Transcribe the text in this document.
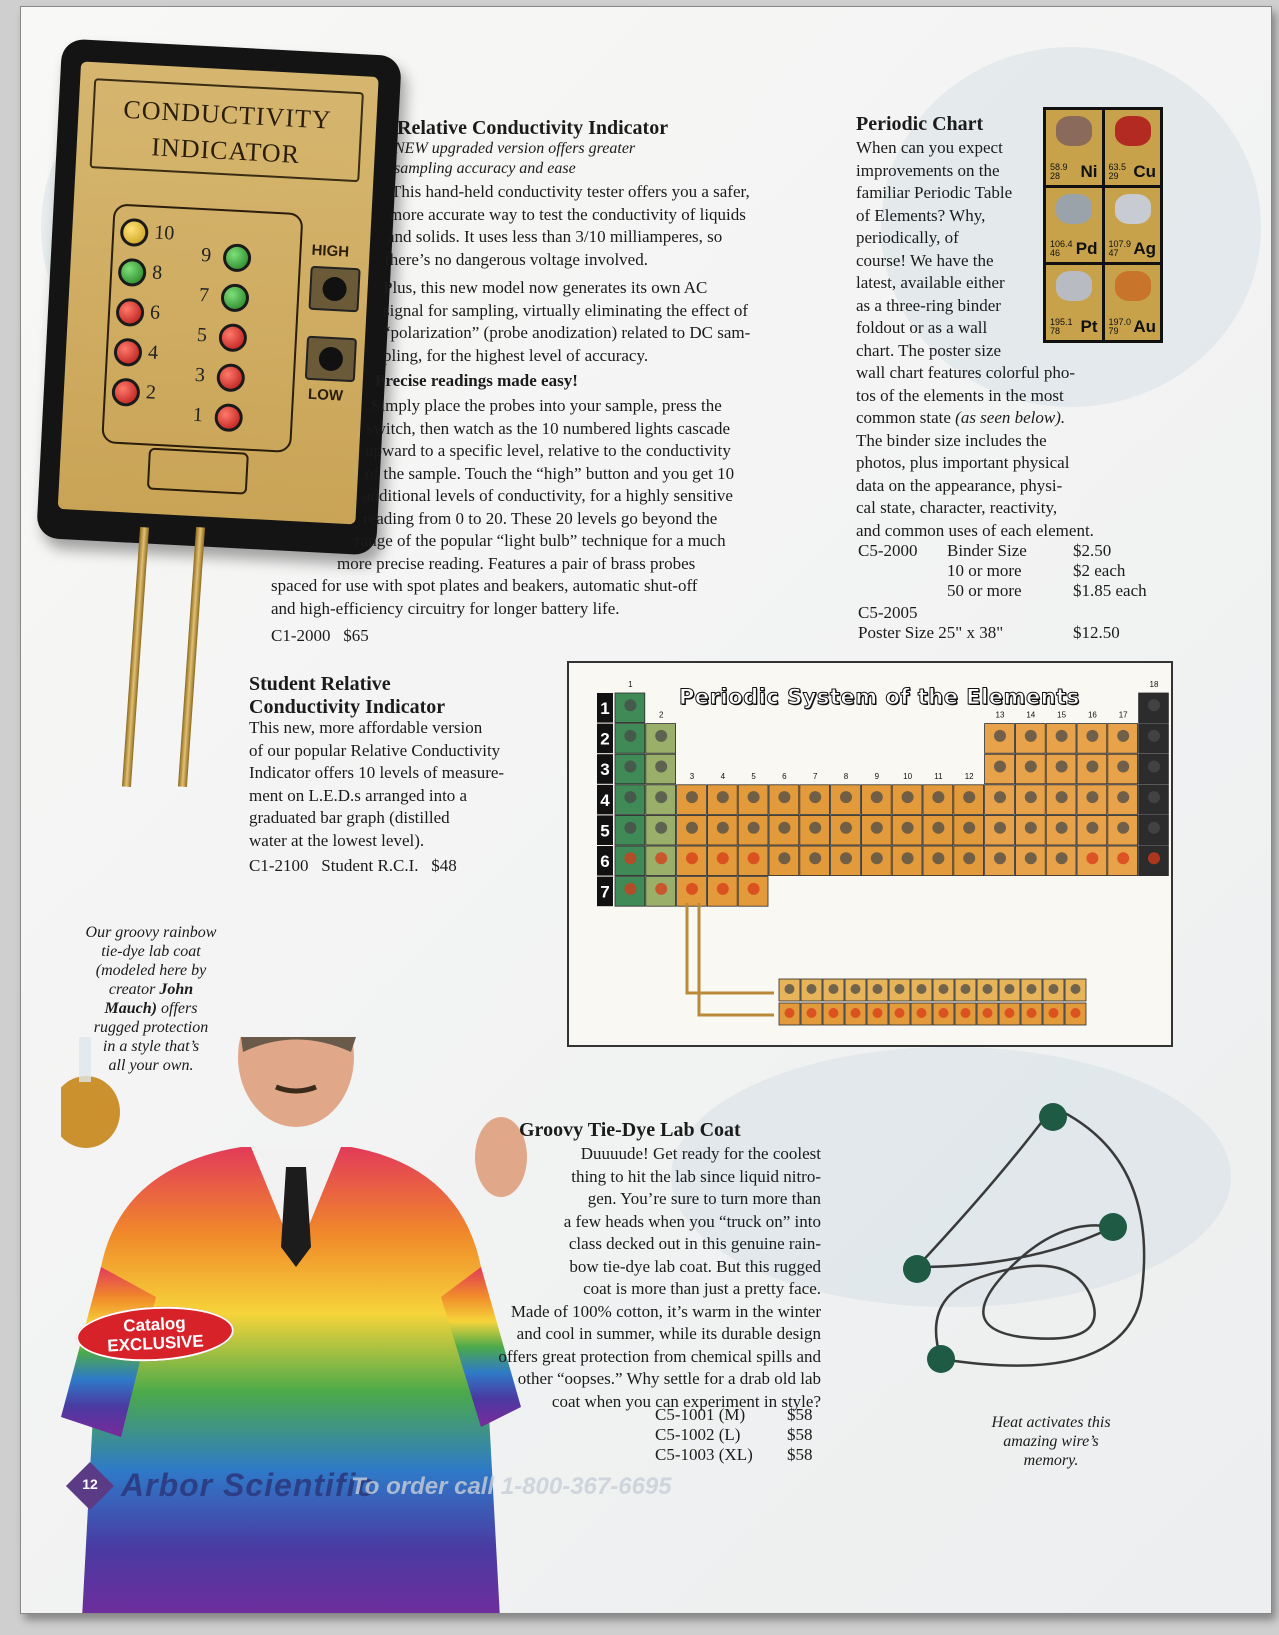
CONDUCTIVITY
INDICATOR
10
8
6
4
2
9
7
5
3
1
HIGH
LOW
Relative Conductivity Indicator
NEW upgraded version offers greater
sampling accuracy and ease
This hand-held conductivity tester offers you a safer,
more accurate way to test the conductivity of liquids
and solids. It uses less than 3/10 milliamperes, so
there’s no dangerous voltage involved.
Plus, this new model now generates its own AC
signal for sampling, virtually eliminating the effect of
“polarization” (probe anodization) related to DC sam-
pling, for the highest level of accuracy.
Precise readings made easy!
Simply place the probes into your sample, press the
switch, then watch as the 10 numbered lights cascade
upward to a specific level, relative to the conductivity
of the sample. Touch the “high” button and you get 10
additional levels of conductivity, for a highly sensitive
reading from 0 to 20. These 20 levels go beyond the
range of the popular “light bulb” technique for a much
more precise reading. Features a pair of brass probes
spaced for use with spot plates and beakers, automatic shut-off
and high-efficiency circuitry for longer battery life.
C1-2000   $65
Student Relative
Conductivity Indicator
This new, more affordable version
of our popular Relative Conductivity
Indicator offers 10 levels of measure-
ment on L.E.D.s arranged into a
graduated bar graph (distilled
water at the lowest level).
C1-2100   Student R.C.I.   $48
Periodic Chart
When can you expect
improvements on the
familiar Periodic Table
of Elements? Why,
periodically, of
course! We have the
latest, available either
as a three-ring binder
foldout or as a wall
chart. The poster size
wall chart features colorful pho-
tos of the elements in the most
common state (as seen below).
The binder size includes the
photos, plus important physical
data on the appearance, physi-
cal state, character, reactivity,
and common uses of each element.
58.9
28	Ni 63.5
29 Cu
106.4
46 Pd 107.9
47 Ag
195.1
78	Pt 197.0
79 Au
C5-2000 Binder Size	$2.50
10 or more	$2 each
50 or more	$1.85 each
C5-2005
Poster Size 25" x 38"	$12.50
1
2
3
4
5
6
7
1
2
3	4	5	6	7	8	9	10	11	12
13	14	15	16	17
18
Periodic System of the Elements
Our groovy rainbow
tie-dye lab coat
(modeled here by
creator John
Mauch) offers
rugged protection
in a style that’s
all your own.
Catalog
EXCLUSIVE
Groovy Tie-Dye Lab Coat
Duuuude! Get ready for the coolest
thing to hit the lab since liquid nitro-
gen. You’re sure to turn more than
a few heads when you “truck on” into
class decked out in this genuine rain-
bow tie-dye lab coat. But this rugged
coat is more than just a pretty face.
Made of 100% cotton, it’s warm in the winter
and cool in summer, while its durable design
offers great protection from chemical spills and
other “oopses.” Why settle for a drab old lab
coat when you can experiment in style?
C5-1001 (M) $58
C5-1002 (L)	$58
C5-1003 (XL) $58
Heat activates this
amazing wire’s
memory.
12 Arbor Scientific
To order call 1-800-367-6695
